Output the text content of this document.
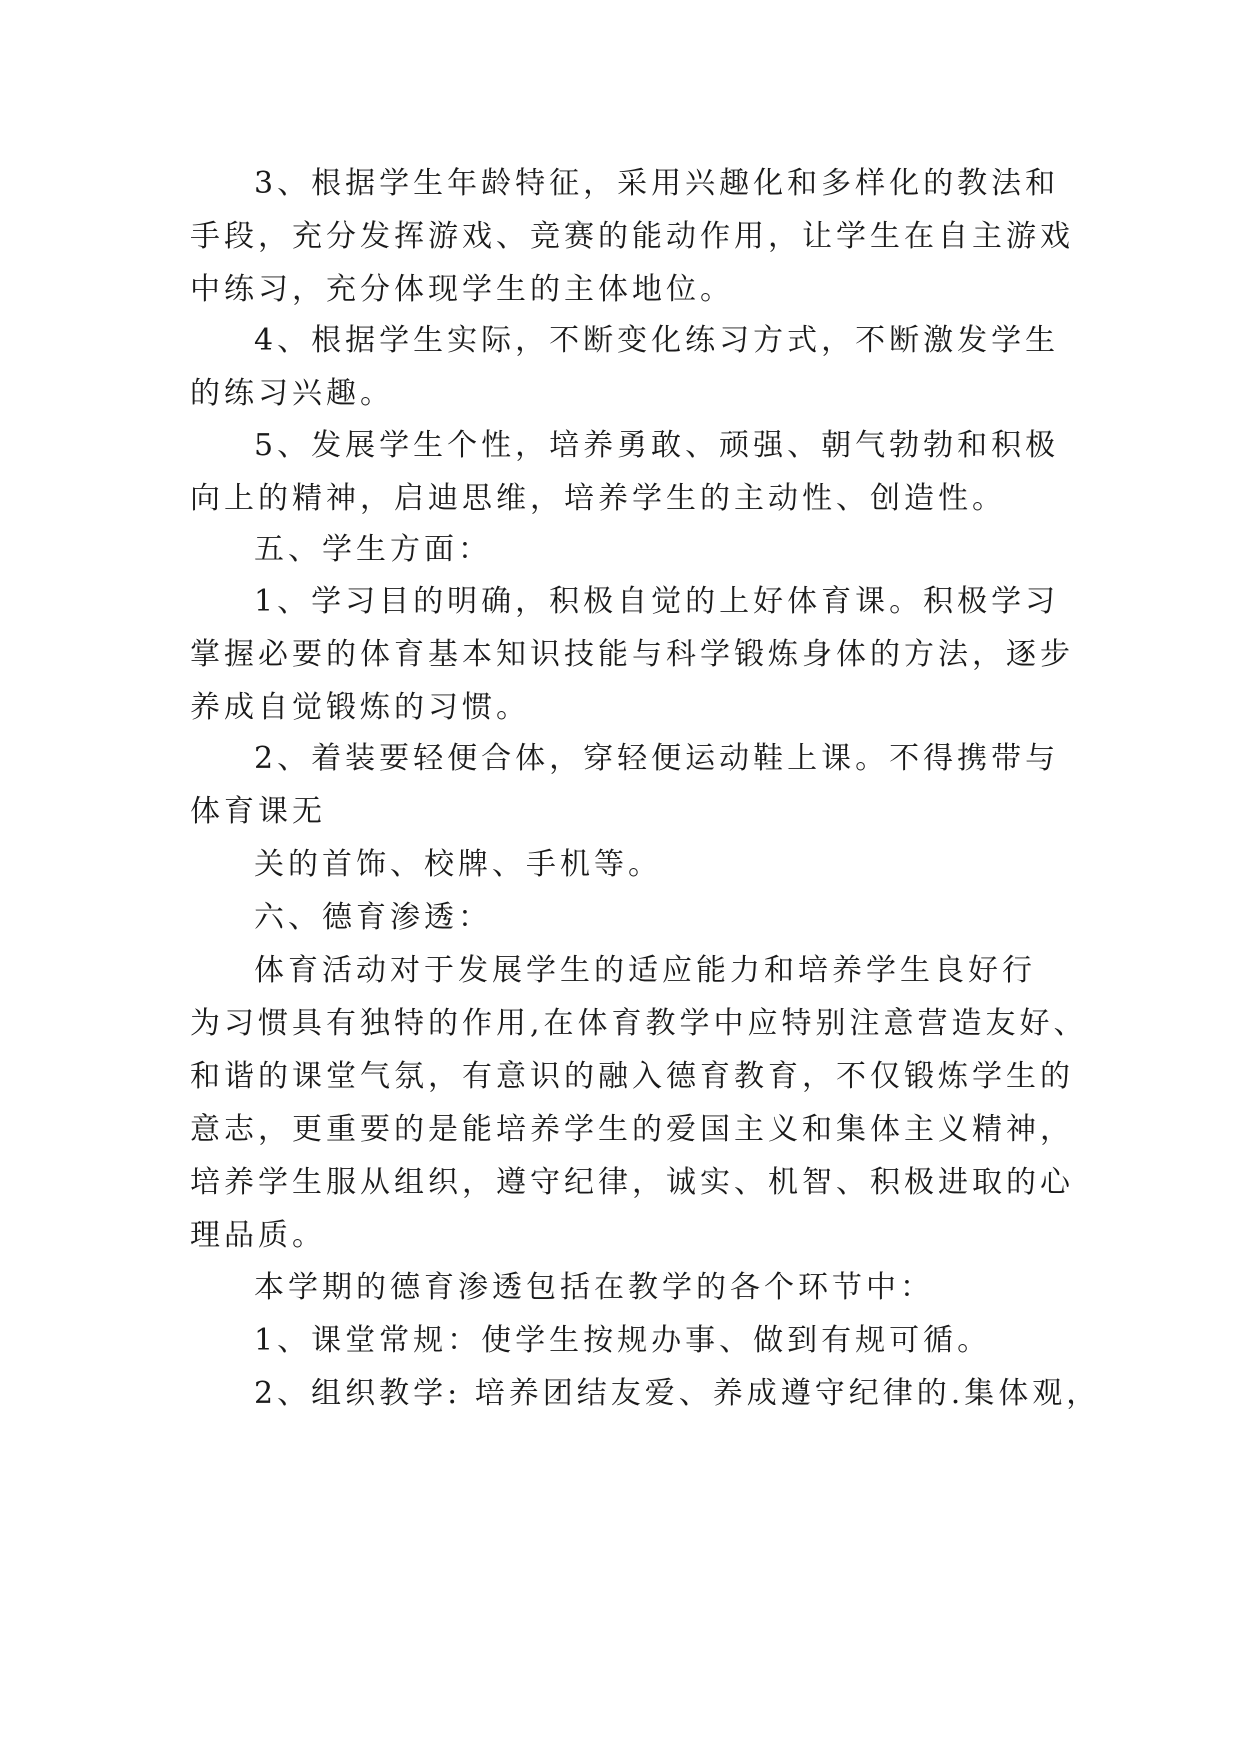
3、根据学生年龄特征，采用兴趣化和多样化的教法和

手段，充分发挥游戏、竞赛的能动作用，让学生在自主游戏

中练习，充分体现学生的主体地位。

4、根据学生实际，不断变化练习方式，不断激发学生

的练习兴趣。

5、发展学生个性，培养勇敢、顽强、朝气勃勃和积极

向上的精神，启迪思维，培养学生的主动性、创造性。

五、学生方面：

1、学习目的明确，积极自觉的上好体育课。积极学习

掌握必要的体育基本知识技能与科学锻炼身体的方法，逐步

养成自觉锻炼的习惯。

2、着装要轻便合体，穿轻便运动鞋上课。不得携带与

体育课无

关的首饰、校牌、手机等。

六、德育渗透：

体育活动对于发展学生的适应能力和培养学生良好行

为习惯具有独特的作用,在体育教学中应特别注意营造友好、

和谐的课堂气氛，有意识的融入德育教育，不仅锻炼学生的

意志，更重要的是能培养学生的爱国主义和集体主义精神，

培养学生服从组织，遵守纪律，诚实、机智、积极进取的心

理品质。

本学期的德育渗透包括在教学的各个环节中：

1、课堂常规：使学生按规办事、做到有规可循。

2、组织教学: 培养团结友爱、养成遵守纪律的.集体观，
